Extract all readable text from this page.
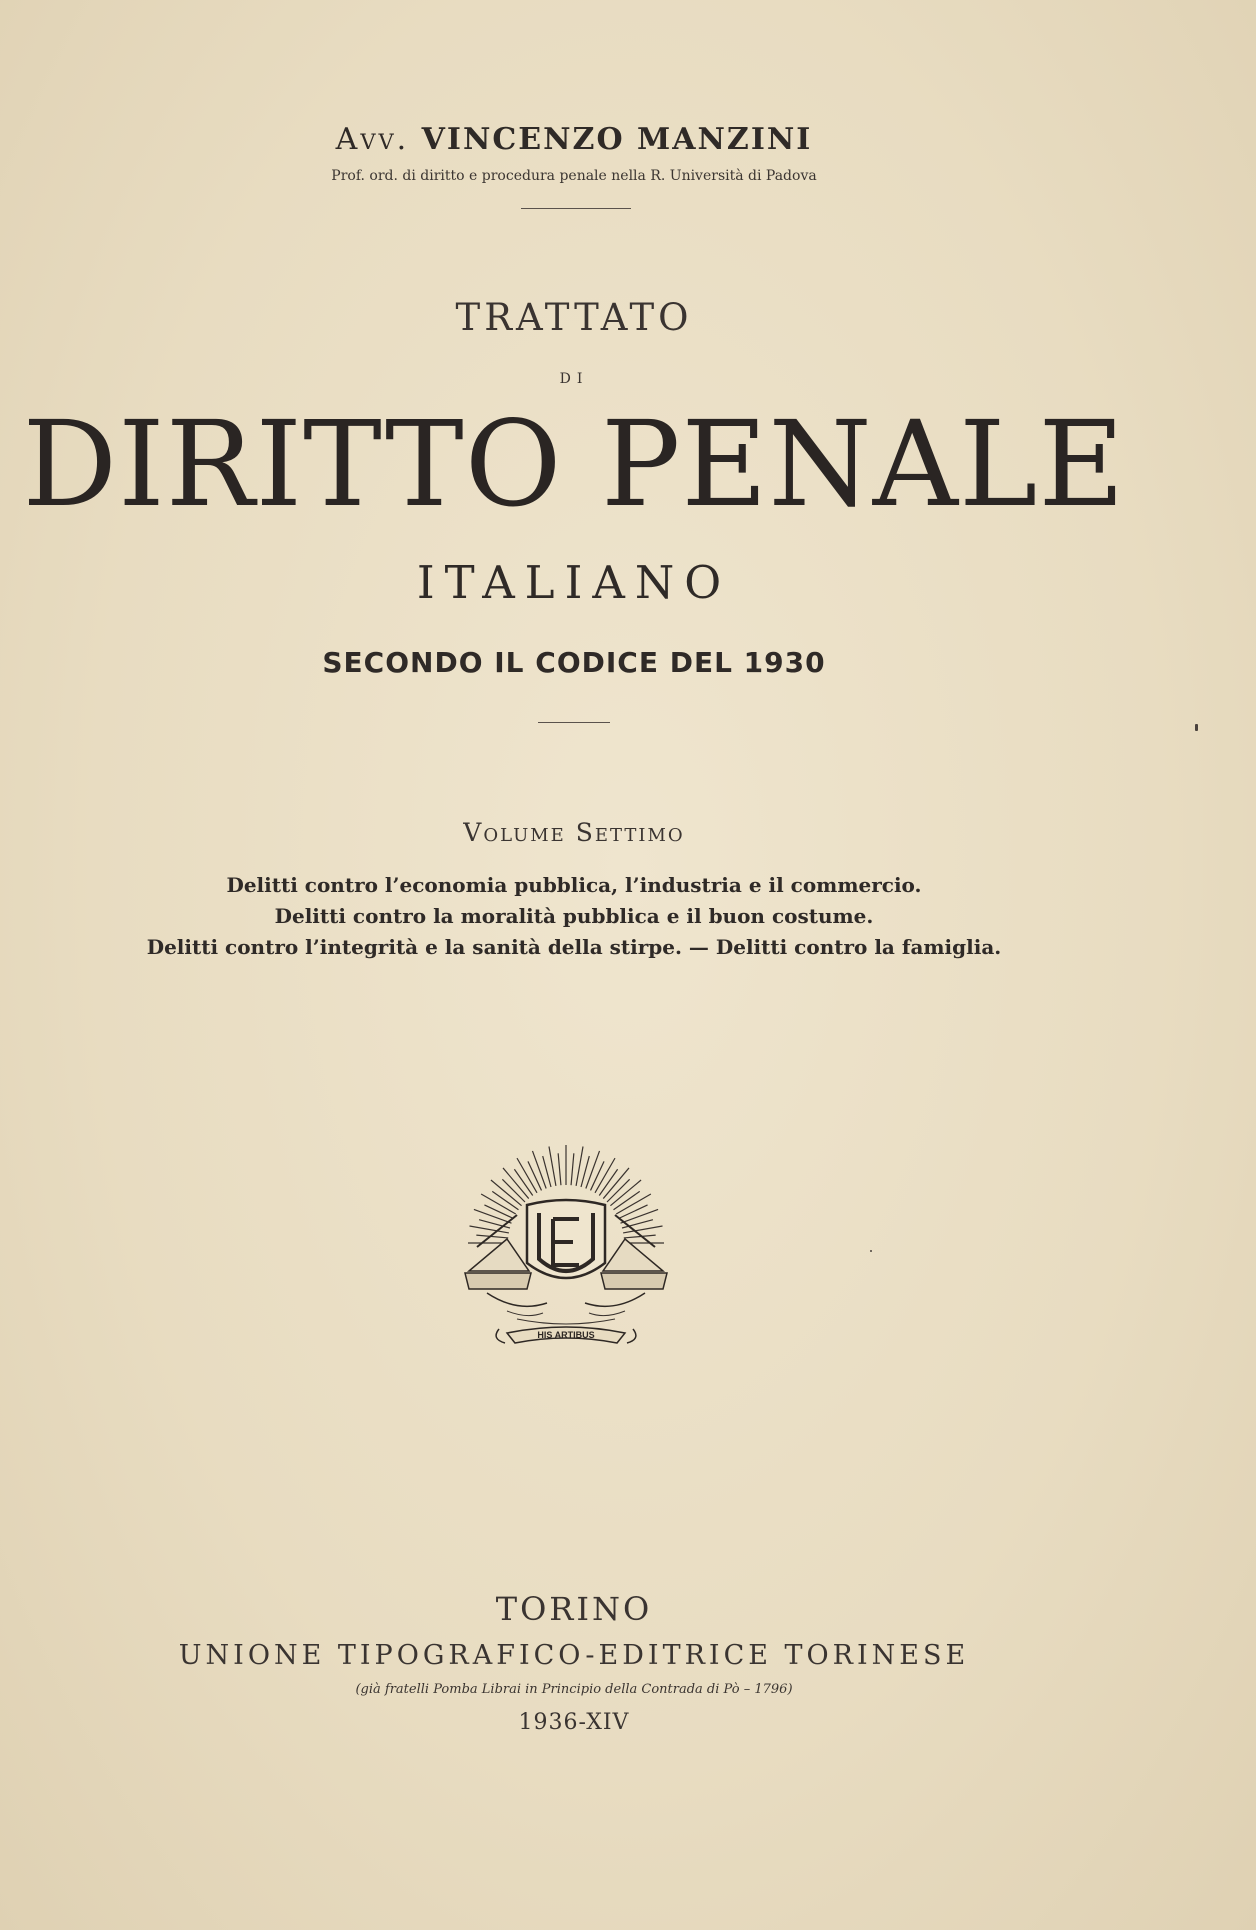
Avv. VINCENZO MANZINI
Prof. ord. di diritto e procedura penale nella R. Università di Padova
TRATTATO
DI
DIRITTO PENALE
ITALIANO
SECONDO IL CODICE DEL 1930
Volume Settimo
Delitti contro l’economia pubblica, l’industria e il commercio.
Delitti contro la moralità pubblica e il buon costume.
Delitti contro l’integrità e la sanità della stirpe. — Delitti contro la famiglia.
HIS ARTIBUS
TORINO
UNIONE TIPOGRAFICO-EDITRICE TORINESE
(già fratelli Pomba Librai in Principio della Contrada di Pò – 1796)
1936-XIV
